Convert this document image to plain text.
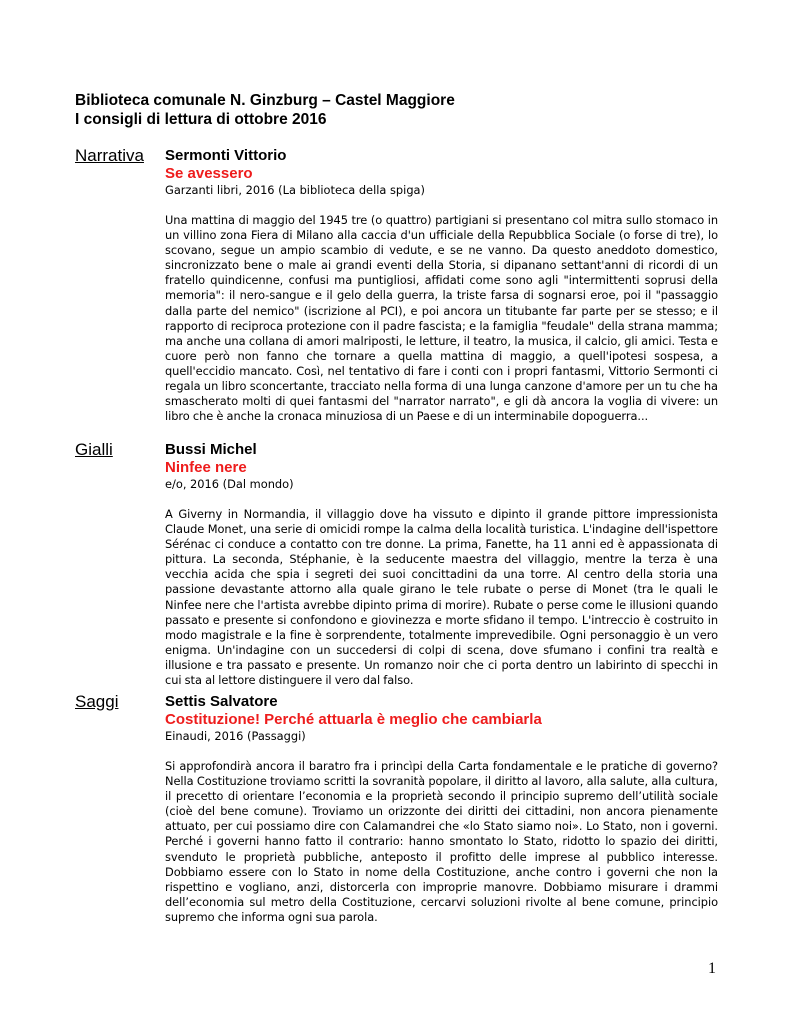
Biblioteca comunale N. Ginzburg – Castel Maggiore
I consigli di lettura di ottobre 2016
Narrativa Sermonti Vittorio
Se avessero
Garzanti libri, 2016 (La biblioteca della spiga)
Una mattina di maggio del 1945 tre (o quattro) partigiani si presentano col mitra sullo stomaco in un villino zona Fiera di Milano alla caccia d'un ufficiale della Repubblica Sociale (o forse di tre), lo scovano, segue un ampio scambio di vedute, e se ne vanno. Da questo aneddoto domestico, sincronizzato bene o male ai grandi eventi della Storia, si dipanano settant'anni di ricordi di un fratello quindicenne, confusi ma puntigliosi, affidati come sono agli "intermittenti soprusi della memoria": il nero-sangue e il gelo della guerra, la triste farsa di sognarsi eroe, poi il "passaggio dalla parte del nemico" (iscrizione al PCI), e poi ancora un titubante far parte per se stesso; e il rapporto di reciproca protezione con il padre fascista; e la famiglia "feudale" della strana mamma; ma anche una collana di amori malriposti, le letture, il teatro, la musica, il calcio, gli amici. Testa e cuore però non fanno che tornare a quella mattina di maggio, a quell'ipotesi sospesa, a quell'eccidio mancato. Così, nel tentativo di fare i conti con i propri fantasmi, Vittorio Sermonti ci regala un libro sconcertante, tracciato nella forma di una lunga canzone d'amore per un tu che ha smascherato molti di quei fantasmi del "narrator narrato", e gli dà ancora la voglia di vivere: un libro che è anche la cronaca minuziosa di un Paese e di un interminabile dopoguerra...
Gialli	Bussi Michel
Ninfee nere
e/o, 2016 (Dal mondo)
A Giverny in Normandia, il villaggio dove ha vissuto e dipinto il grande pittore impressionista Claude Monet, una serie di omicidi rompe la calma della località turistica. L'indagine dell'ispettore Sérénac ci conduce a contatto con tre donne. La prima, Fanette, ha 11 anni ed è appassionata di pittura. La seconda, Stéphanie, è la seducente maestra del villaggio, mentre la terza è una vecchia acida che spia i segreti dei suoi concittadini da una torre. Al centro della storia una passione devastante attorno alla quale girano le tele rubate o perse di Monet (tra le quali le Ninfee nere che l'artista avrebbe dipinto prima di morire). Rubate o perse come le illusioni quando passato e presente si confondono e giovinezza e morte sfidano il tempo. L'intreccio è costruito in modo magistrale e la fine è sorprendente, totalmente imprevedibile. Ogni personaggio è un vero enigma. Un'indagine con un succedersi di colpi di scena, dove sfumano i confini tra realtà e illusione e tra passato e presente. Un romanzo noir che ci porta dentro un labirinto di specchi in cui sta al lettore distinguere il vero dal falso.
Saggi	Settis Salvatore
Costituzione! Perché attuarla è meglio che cambiarla
Einaudi, 2016 (Passaggi)
Si approfondirà ancora il baratro fra i princìpi della Carta fondamentale e le pratiche di governo? Nella Costituzione troviamo scritti la sovranità popolare, il diritto al lavoro, alla salute, alla cultura, il precetto di orientare l’economia e la proprietà secondo il principio supremo dell’utilità sociale (cioè del bene comune). Troviamo un orizzonte dei diritti dei cittadini, non ancora pienamente attuato, per cui possiamo dire con Calamandrei che «lo Stato siamo noi». Lo Stato, non i governi. Perché i governi hanno fatto il contrario: hanno smontato lo Stato, ridotto lo spazio dei diritti, svenduto le proprietà pubbliche, anteposto il profitto delle imprese al pubblico interesse. Dobbiamo essere con lo Stato in nome della Costituzione, anche contro i governi che non la rispettino e vogliano, anzi, distorcerla con improprie manovre. Dobbiamo misurare i drammi dell’economia sul metro della Costituzione, cercarvi soluzioni rivolte al bene comune, principio supremo che informa ogni sua parola.
1
